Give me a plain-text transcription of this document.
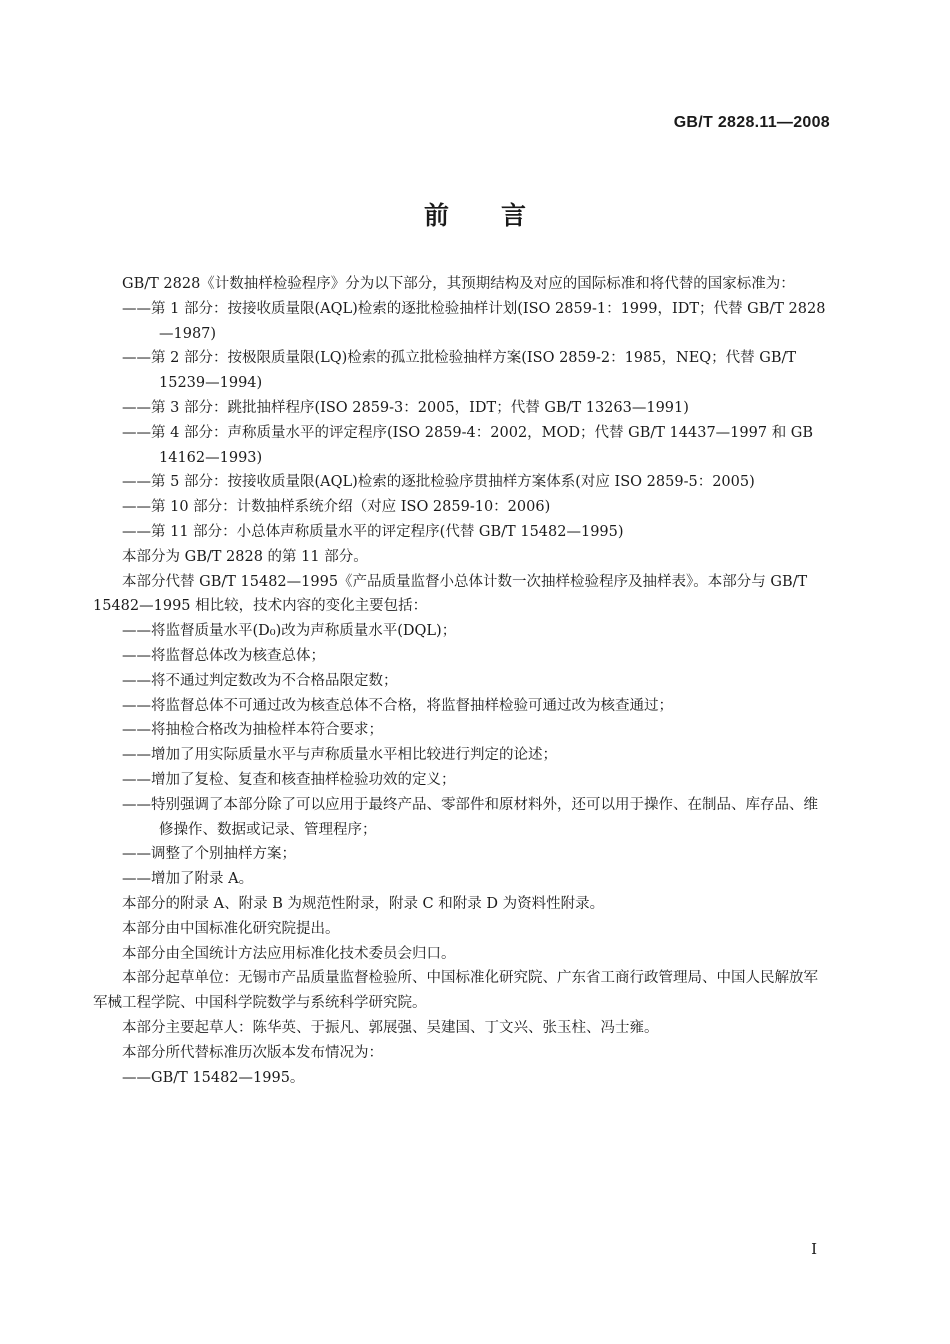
GB/T 2828.11—2008
前言

GB/T 2828《计数抽样检验程序》分为以下部分，其预期结构及对应的国际标准和将代替的国家标准为：

——第 1 部分：按接收质量限(AQL)检索的逐批检验抽样计划(ISO 2859-1：1999，IDT；代替 GB/T 2828—1987)

——第 2 部分：按极限质量限(LQ)检索的孤立批检验抽样方案(ISO 2859-2：1985，NEQ；代替 GB/T 15239—1994)

——第 3 部分：跳批抽样程序(ISO 2859-3：2005，IDT；代替 GB/T 13263—1991)

——第 4 部分：声称质量水平的评定程序(ISO 2859-4：2002，MOD；代替 GB/T 14437—1997 和 GB 14162—1993)

——第 5 部分：按接收质量限(AQL)检索的逐批检验序贯抽样方案体系(对应 ISO 2859-5：2005)

——第 10 部分：计数抽样系统介绍（对应 ISO 2859-10：2006)

——第 11 部分：小总体声称质量水平的评定程序(代替 GB/T 15482—1995)

本部分为 GB/T 2828 的第 11 部分。

本部分代替 GB/T 15482—1995《产品质量监督小总体计数一次抽样检验程序及抽样表》。本部分与 GB/T 15482—1995 相比较，技术内容的变化主要包括：

——将监督质量水平(D₀)改为声称质量水平(DQL)；

——将监督总体改为核查总体；

——将不通过判定数改为不合格品限定数；

——将监督总体不可通过改为核查总体不合格，将监督抽样检验可通过改为核查通过；

——将抽检合格改为抽检样本符合要求；

——增加了用实际质量水平与声称质量水平相比较进行判定的论述；

——增加了复检、复查和核查抽样检验功效的定义；

——特别强调了本部分除了可以应用于最终产品、零部件和原材料外，还可以用于操作、在制品、库存品、维修操作、数据或记录、管理程序；

——调整了个别抽样方案；

——增加了附录 A。

本部分的附录 A、附录 B 为规范性附录，附录 C 和附录 D 为资料性附录。

本部分由中国标准化研究院提出。

本部分由全国统计方法应用标准化技术委员会归口。

本部分起草单位：无锡市产品质量监督检验所、中国标准化研究院、广东省工商行政管理局、中国人民解放军军械工程学院、中国科学院数学与系统科学研究院。

本部分主要起草人：陈华英、于振凡、郭展强、吴建国、丁文兴、张玉柱、冯士雍。

本部分所代替标准历次版本发布情况为：

——GB/T 15482—1995。

I
